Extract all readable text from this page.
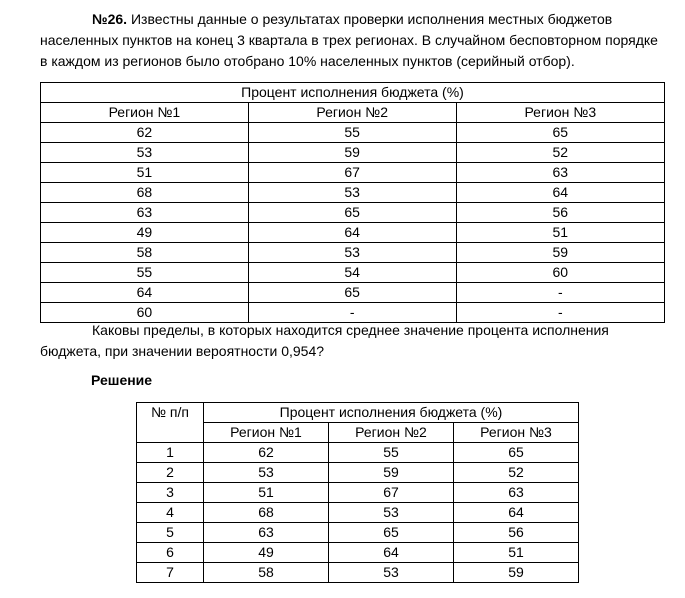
№26. Известны данные о результатах проверки исполнения местных бюджетов населенных пунктов на конец 3 квартала в трех регионах. В случайном бесповторном порядке в каждом из регионов было отобрано 10% населенных пунктов (серийный отбор).
Процент исполнения бюджета (%)		
Регион №1	Регион №2	Регион №3
62	55	65
53	59	52
51	67	63
68	53	64
63	65	56
49	64	51
58	53	59
55	54	60
64	65	-
60	-	-
Каковы пределы, в которых находится среднее значение процента исполнения бюджета, при значении вероятности 0,954?
Решение
№ п/п	Процент исполнения бюджета (%)		
	Регион №1	Регион №2	Регион №3
1	62	55	65
2	53	59	52
3	51	67	63
4	68	53	64
5	63	65	56
6	49	64	51
7	58	53	59
